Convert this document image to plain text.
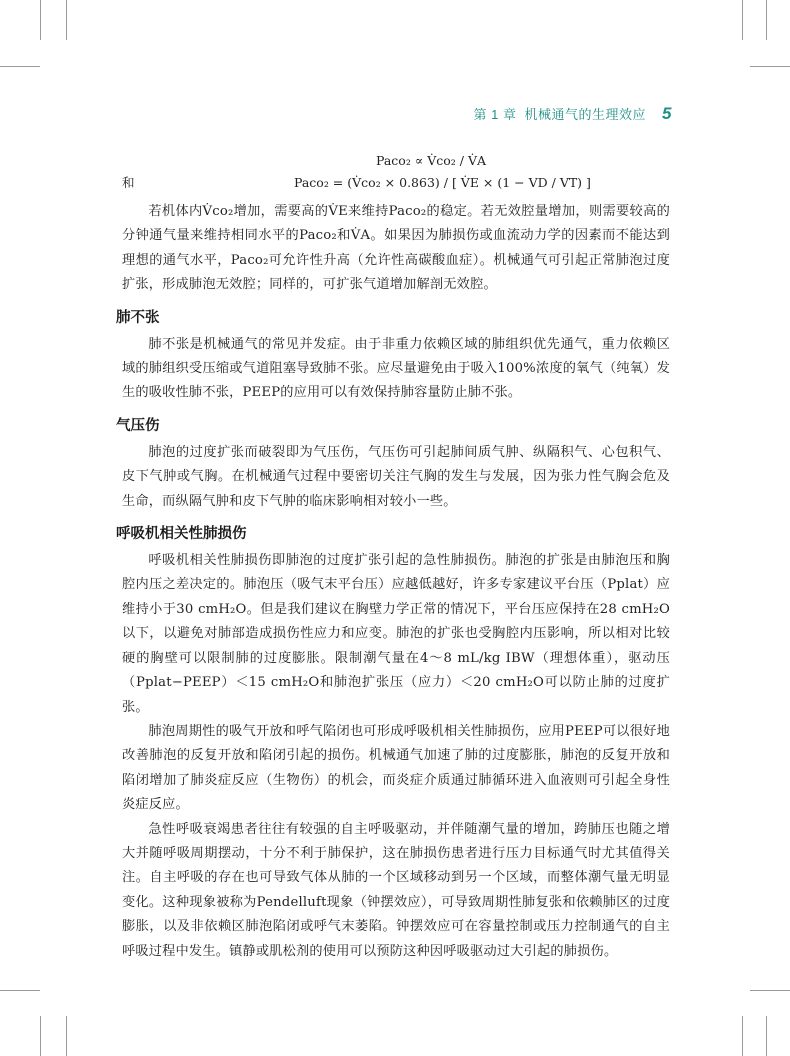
第 1 章 机械通气的生理效应 5
Paco₂ ∝ V̇co₂ / V̇A
和	Paco₂ = (V̇co₂ × 0.863) / [ V̇E × (1 − VD / VT) ]

若机体内V̇co₂增加，需要高的V̇E来维持Paco₂的稳定。若无效腔量增加，则需要较高的分钟通气量来维持相同水平的Paco₂和V̇A。如果因为肺损伤或血流动力学的因素而不能达到理想的通气水平，Paco₂可允许性升高（允许性高碳酸血症）。机械通气可引起正常肺泡过度扩张，形成肺泡无效腔；同样的，可扩张气道增加解剖无效腔。

肺不张

肺不张是机械通气的常见并发症。由于非重力依赖区域的肺组织优先通气，重力依赖区域的肺组织受压缩或气道阻塞导致肺不张。应尽量避免由于吸入100%浓度的氧气（纯氧）发生的吸收性肺不张，PEEP的应用可以有效保持肺容量防止肺不张。

气压伤

肺泡的过度扩张而破裂即为气压伤，气压伤可引起肺间质气肿、纵隔积气、心包积气、皮下气肿或气胸。在机械通气过程中要密切关注气胸的发生与发展，因为张力性气胸会危及生命，而纵隔气肿和皮下气肿的临床影响相对较小一些。

呼吸机相关性肺损伤

呼吸机相关性肺损伤即肺泡的过度扩张引起的急性肺损伤。肺泡的扩张是由肺泡压和胸腔内压之差决定的。肺泡压（吸气末平台压）应越低越好，许多专家建议平台压（Pplat）应维持小于30 cmH₂O。但是我们建议在胸壁力学正常的情况下，平台压应保持在28 cmH₂O以下，以避免对肺部造成损伤性应力和应变。肺泡的扩张也受胸腔内压影响，所以相对比较硬的胸壁可以限制肺的过度膨胀。限制潮气量在4～8 mL/kg IBW（理想体重），驱动压（Pplat−PEEP）＜15 cmH₂O和肺泡扩张压（应力）＜20 cmH₂O可以防止肺的过度扩张。

肺泡周期性的吸气开放和呼气陷闭也可形成呼吸机相关性肺损伤，应用PEEP可以很好地改善肺泡的反复开放和陷闭引起的损伤。机械通气加速了肺的过度膨胀，肺泡的反复开放和陷闭增加了肺炎症反应（生物伤）的机会，而炎症介质通过肺循环进入血液则可引起全身性炎症反应。

急性呼吸衰竭患者往往有较强的自主呼吸驱动，并伴随潮气量的增加，跨肺压也随之增大并随呼吸周期摆动，十分不利于肺保护，这在肺损伤患者进行压力目标通气时尤其值得关注。自主呼吸的存在也可导致气体从肺的一个区域移动到另一个区域，而整体潮气量无明显变化。这种现象被称为Pendelluft现象（钟摆效应），可导致周期性肺复张和依赖肺区的过度膨胀，以及非依赖区肺泡陷闭或呼气末萎陷。钟摆效应可在容量控制或压力控制通气的自主呼吸过程中发生。镇静或肌松剂的使用可以预防这种因呼吸驱动过大引起的肺损伤。
